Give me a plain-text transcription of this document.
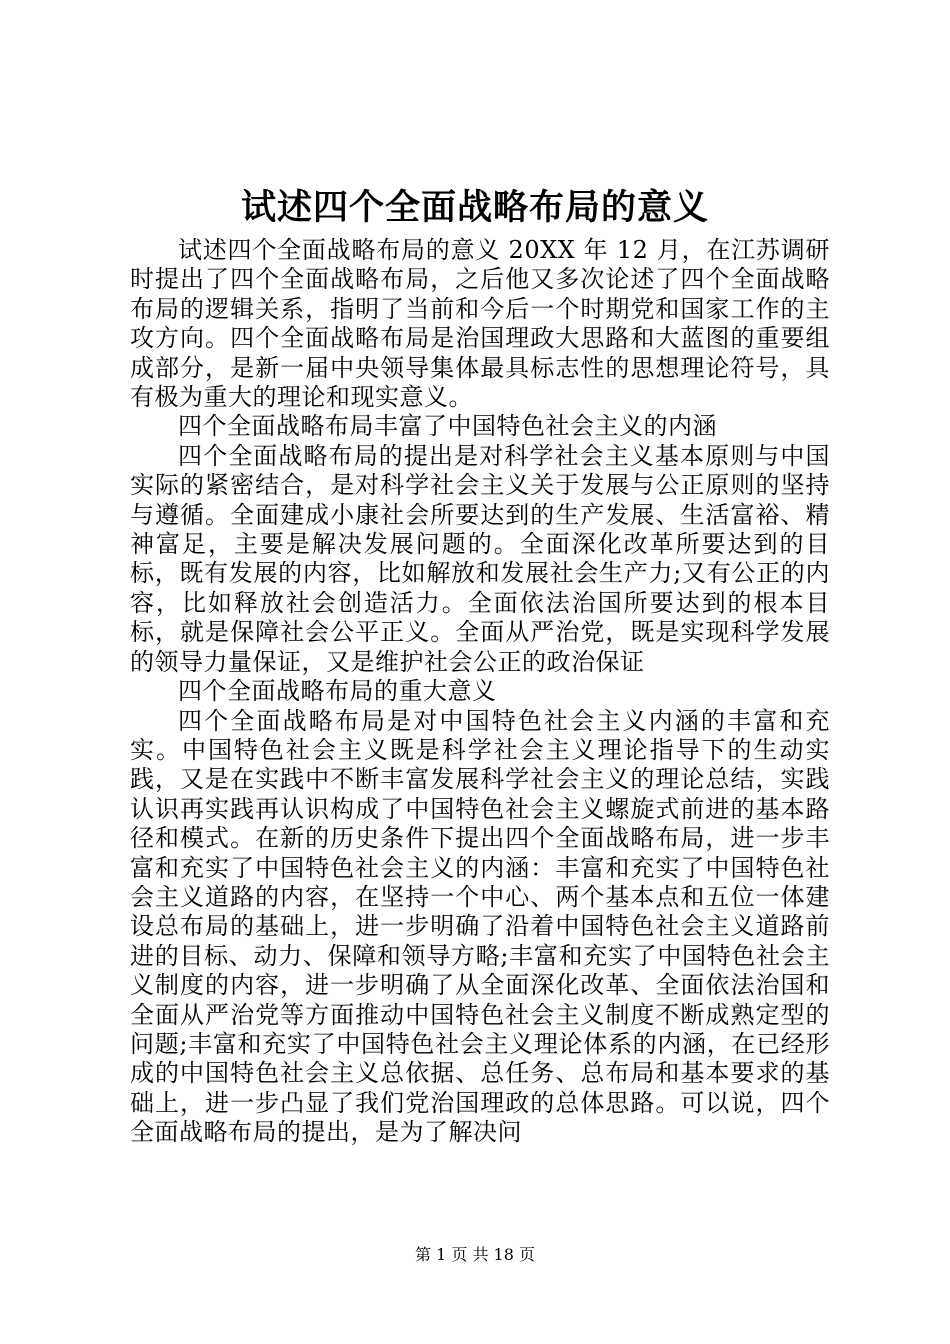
试述四个全面战略布局的意义

试述四个全面战略布局的意义 20XX 年 12 月，在江苏调研时提出了四个全面战略布局，之后他又多次论述了四个全面战略布局的逻辑关系，指明了当前和今后一个时期党和国家工作的主攻方向。四个全面战略布局是治国理政大思路和大蓝图的重要组成部分，是新一届中央领导集体最具标志性的思想理论符号，具有极为重大的理论和现实意义。

四个全面战略布局丰富了中国特色社会主义的内涵

四个全面战略布局的提出是对科学社会主义基本原则与中国实际的紧密结合，是对科学社会主义关于发展与公正原则的坚持与遵循。全面建成小康社会所要达到的生产发展、生活富裕、精神富足，主要是解决发展问题的。全面深化改革所要达到的目标，既有发展的内容，比如解放和发展社会生产力;又有公正的内容，比如释放社会创造活力。全面依法治国所要达到的根本目标，就是保障社会公平正义。全面从严治党，既是实现科学发展的领导力量保证，又是维护社会公正的政治保证

四个全面战略布局的重大意义

四个全面战略布局是对中国特色社会主义内涵的丰富和充实。中国特色社会主义既是科学社会主义理论指导下的生动实践，又是在实践中不断丰富发展科学社会主义的理论总结，实践认识再实践再认识构成了中国特色社会主义螺旋式前进的基本路径和模式。在新的历史条件下提出四个全面战略布局，进一步丰富和充实了中国特色社会主义的内涵：丰富和充实了中国特色社会主义道路的内容，在坚持一个中心、两个基本点和五位一体建设总布局的基础上，进一步明确了沿着中国特色社会主义道路前进的目标、动力、保障和领导方略;丰富和充实了中国特色社会主义制度的内容，进一步明确了从全面深化改革、全面依法治国和全面从严治党等方面推动中国特色社会主义制度不断成熟定型的问题;丰富和充实了中国特色社会主义理论体系的内涵，在已经形成的中国特色社会主义总依据、总任务、总布局和基本要求的基础上，进一步凸显了我们党治国理政的总体思路。可以说，四个全面战略布局的提出，是为了解决问

第 1 页 共 18 页
